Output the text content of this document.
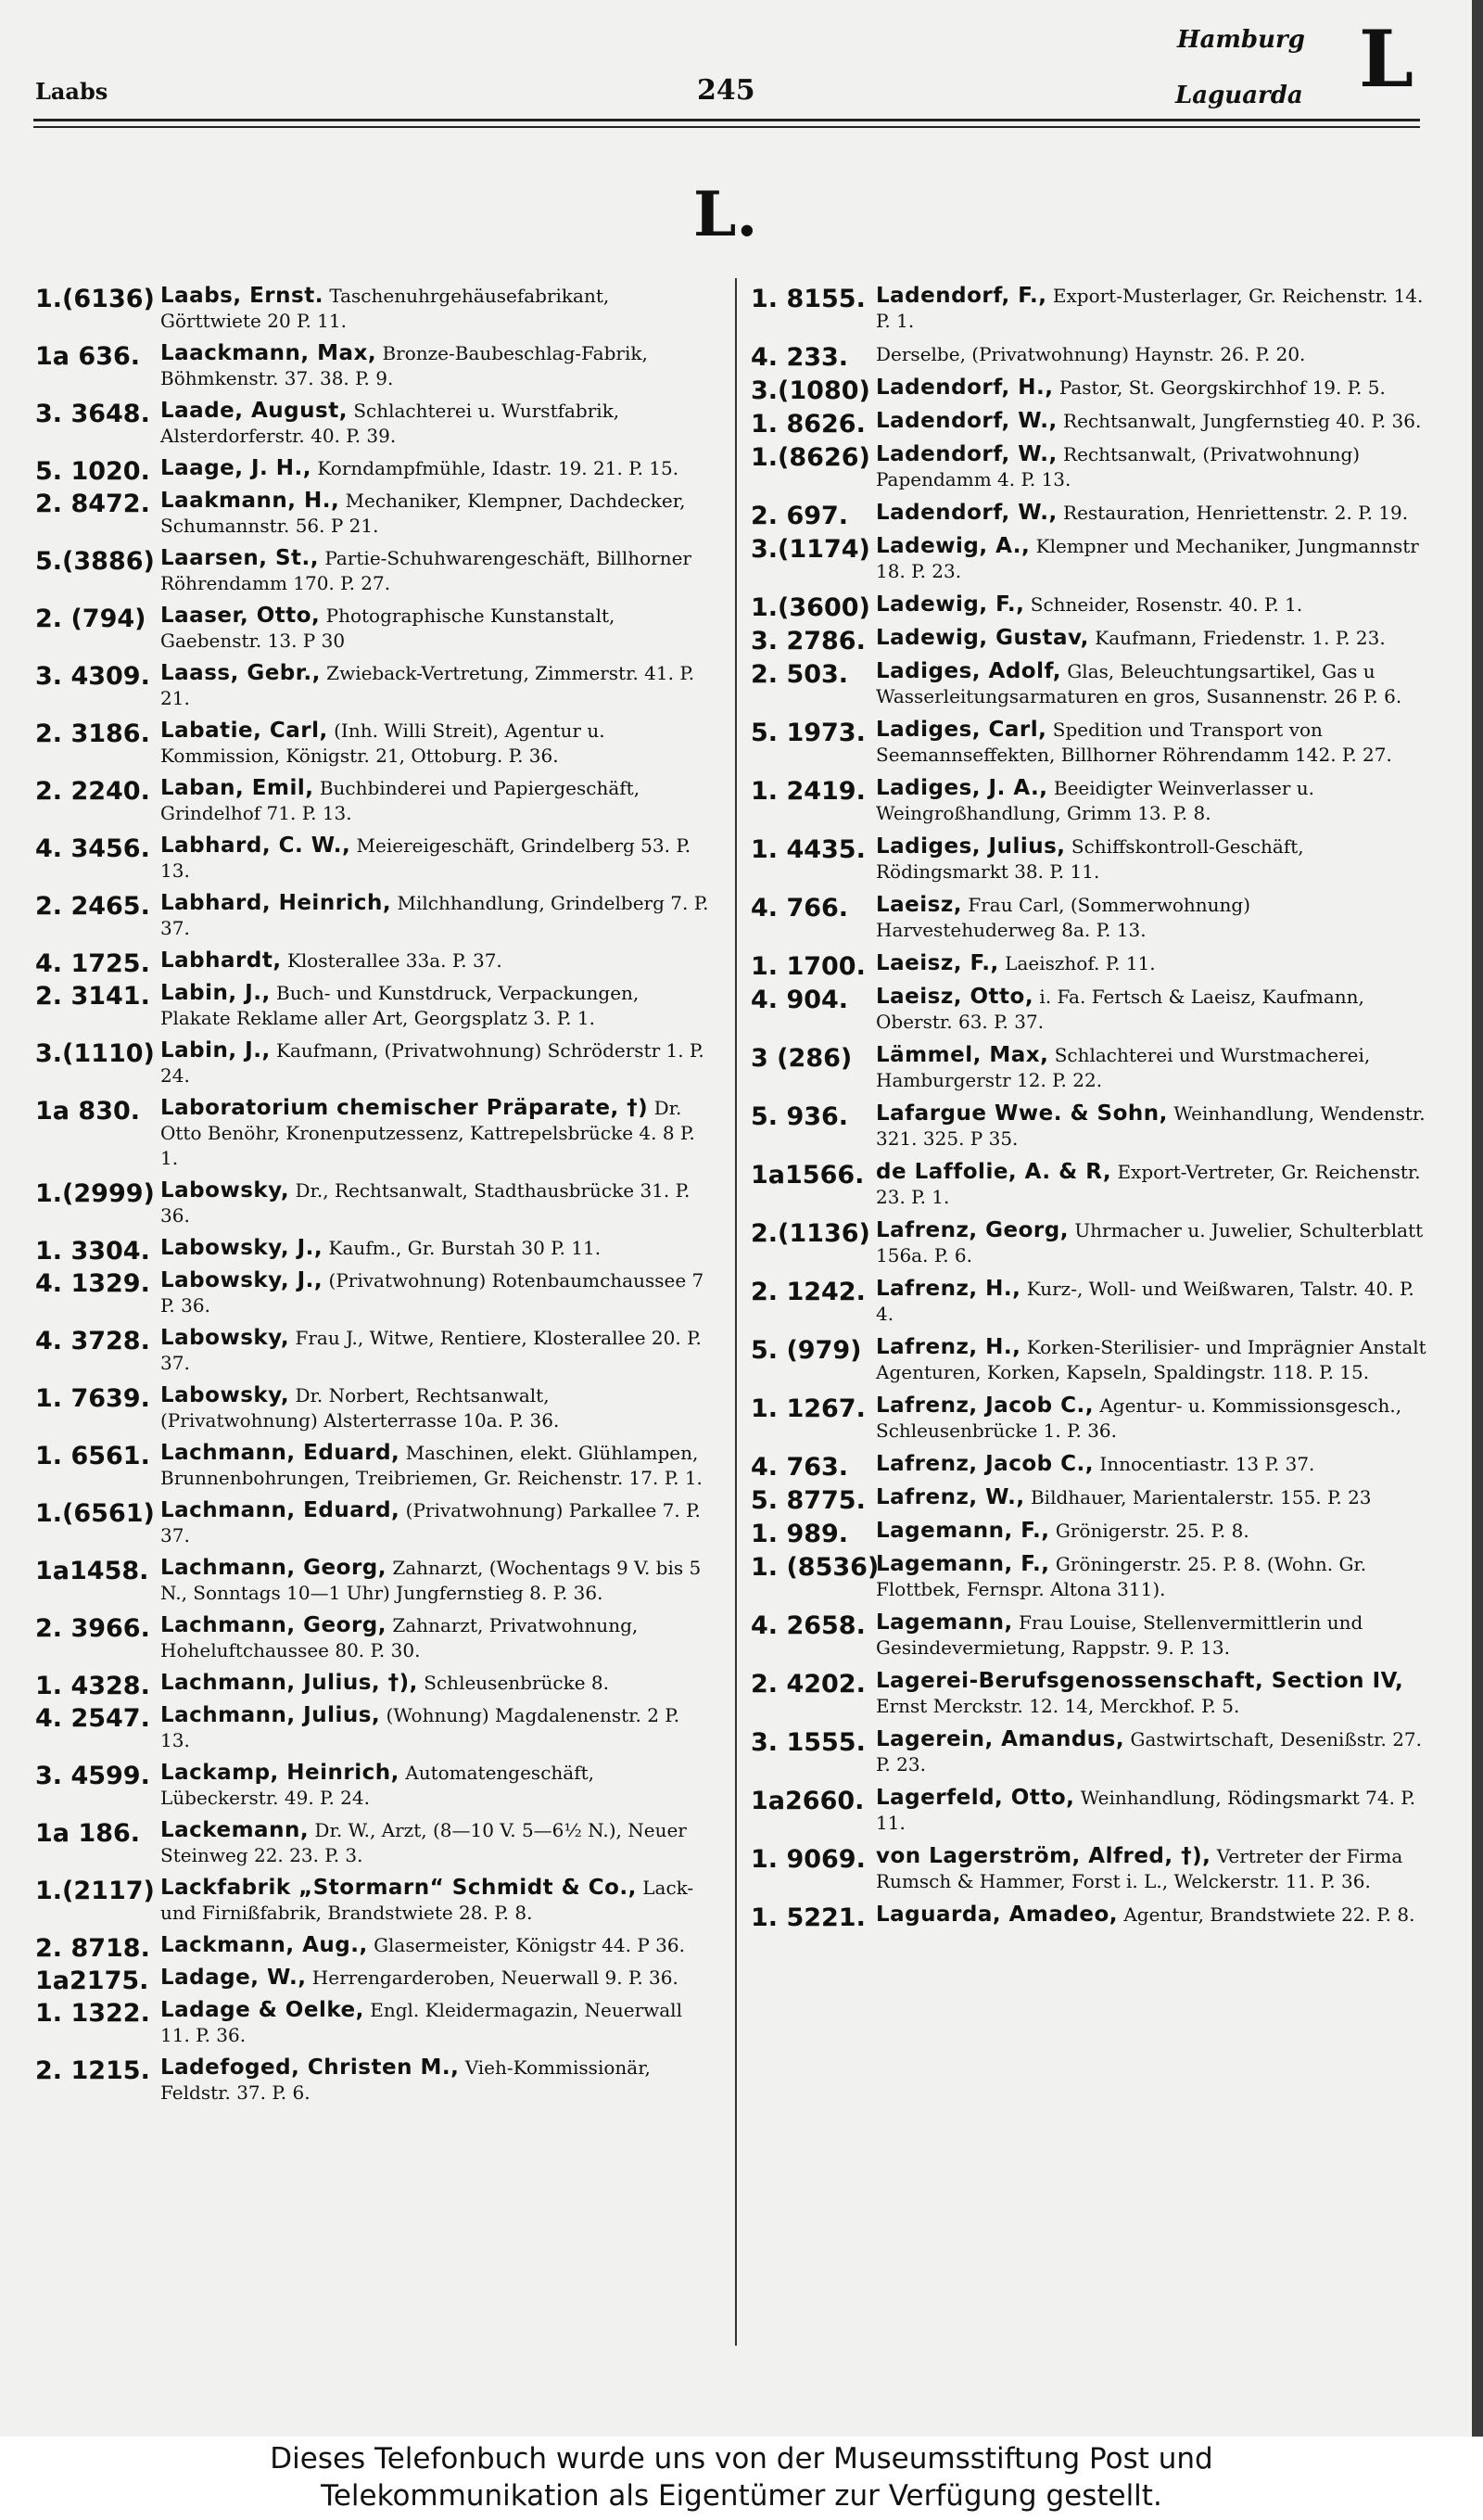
Laabs	245
Hamburg
Laguarda L
L.
1.(6136) Laabs, Ernst. Taschenuhrgehäusefabrikant, Görttwiete 20 P. 11.
1a 636. Laackmann, Max, Bronze-Baubeschlag-Fabrik, Böhmkenstr. 37. 38. P. 9.
3. 3648. Laade, August, Schlachterei u. Wurstfabrik, Alsterdorferstr. 40. P. 39.
5. 1020. Laage, J. H., Korndampfmühle, Idastr. 19. 21. P. 15.
2. 8472. Laakmann, H., Mechaniker, Klempner, Dachdecker, Schumannstr. 56. P 21.
5.(3886) Laarsen, St., Partie-Schuhwarengeschäft, Billhorner Röhrendamm 170. P. 27.
2. (794) Laaser, Otto, Photographische Kunstanstalt, Gaebenstr. 13. P 30
3. 4309. Laass, Gebr., Zwieback-Vertretung, Zimmerstr. 41. P. 21.
2. 3186. Labatie, Carl, (Inh. Willi Streit), Agentur u. Kommission, Königstr. 21, Ottoburg. P. 36.
2. 2240. Laban, Emil, Buchbinderei und Papiergeschäft, Grindelhof 71. P. 13.
4. 3456. Labhard, C. W., Meiereigeschäft, Grindelberg 53. P. 13.
2. 2465. Labhard, Heinrich, Milchhandlung, Grindelberg 7. P. 37.
4. 1725. Labhardt, Klosterallee 33a. P. 37.
2. 3141. Labin, J., Buch- und Kunstdruck, Verpackungen, Plakate Reklame aller Art, Georgsplatz 3. P. 1.
3.(1110) Labin, J., Kaufmann, (Privatwohnung) Schröderstr 1. P. 24.
1a 830. Laboratorium chemischer Präparate, †) Dr. Otto Benöhr, Kronenputzessenz, Kattrepelsbrücke 4. 8 P. 1.
1.(2999) Labowsky, Dr., Rechtsanwalt, Stadthausbrücke 31. P. 36.
1. 3304. Labowsky, J., Kaufm., Gr. Burstah 30 P. 11.
4. 1329. Labowsky, J., (Privatwohnung) Rotenbaumchaussee 7 P. 36.
4. 3728. Labowsky, Frau J., Witwe, Rentiere, Klosterallee 20. P. 37.
1. 7639. Labowsky, Dr. Norbert, Rechtsanwalt, (Privatwohnung) Alsterterrasse 10a. P. 36.
1. 6561. Lachmann, Eduard, Maschinen, elekt. Glühlampen, Brunnenbohrungen, Treibriemen, Gr. Reichenstr. 17. P. 1.
1.(6561) Lachmann, Eduard, (Privatwohnung) Parkallee 7. P. 37.
1a1458. Lachmann, Georg, Zahnarzt, (Wochentags 9 V. bis 5 N., Sonntags 10—1 Uhr) Jungfernstieg 8. P. 36.
2. 3966. Lachmann, Georg, Zahnarzt, Privatwohnung, Hoheluftchaussee 80. P. 30.
1. 4328. Lachmann, Julius, †), Schleusenbrücke 8.
4. 2547. Lachmann, Julius, (Wohnung) Magdalenenstr. 2 P. 13.
3. 4599. Lackamp, Heinrich, Automatengeschäft, Lübeckerstr. 49. P. 24.
1a 186. Lackemann, Dr. W., Arzt, (8—10 V. 5—6½ N.), Neuer Steinweg 22. 23. P. 3.
1.(2117) Lackfabrik „Stormarn“ Schmidt & Co., Lack- und Firnißfabrik, Brandstwiete 28. P. 8.
2. 8718. Lackmann, Aug., Glasermeister, Königstr 44. P 36.
1a2175. Ladage, W., Herrengarderoben, Neuerwall 9. P. 36.
1. 1322. Ladage & Oelke, Engl. Kleidermagazin, Neuerwall 11. P. 36.
2. 1215. Ladefoged, Christen M., Vieh-Kommissionär, Feldstr. 37. P. 6.
1. 8155. Ladendorf, F., Export-Musterlager, Gr. Reichenstr. 14. P. 1.
4. 233.	Derselbe, (Privatwohnung) Haynstr. 26. P. 20.
3.(1080) Ladendorf, H., Pastor, St. Georgskirchhof 19. P. 5.
1. 8626. Ladendorf, W., Rechtsanwalt, Jungfernstieg 40. P. 36.
1.(8626) Ladendorf, W., Rechtsanwalt, (Privatwohnung) Papendamm 4. P. 13.
2. 697.	Ladendorf, W., Restauration, Henriettenstr. 2. P. 19.
3.(1174) Ladewig, A., Klempner und Mechaniker, Jungmannstr 18. P. 23.
1.(3600) Ladewig, F., Schneider, Rosenstr. 40. P. 1.
3. 2786. Ladewig, Gustav, Kaufmann, Friedenstr. 1. P. 23.
2. 503.	Ladiges, Adolf, Glas, Beleuchtungsartikel, Gas u Wasserleitungsarmaturen en gros, Susannenstr. 26 P. 6.
5. 1973. Ladiges, Carl, Spedition und Transport von Seemannseffekten, Billhorner Röhrendamm 142. P. 27.
1. 2419. Ladiges, J. A., Beeidigter Weinverlasser u. Weingroßhandlung, Grimm 13. P. 8.
1. 4435. Ladiges, Julius, Schiffskontroll-Geschäft, Rödingsmarkt 38. P. 11.
4. 766.	Laeisz, Frau Carl, (Sommerwohnung) Harvestehuderweg 8a. P. 13.
1. 1700. Laeisz, F., Laeiszhof. P. 11.
4. 904.	Laeisz, Otto, i. Fa. Fertsch & Laeisz, Kaufmann, Oberstr. 63. P. 37.
3 (286)	Lämmel, Max, Schlachterei und Wurstmacherei, Hamburgerstr 12. P. 22.
5. 936.	Lafargue Wwe. & Sohn, Weinhandlung, Wendenstr. 321. 325. P 35.
1a1566. de Laffolie, A. & R, Export-Vertreter, Gr. Reichenstr. 23. P. 1.
2.(1136) Lafrenz, Georg, Uhrmacher u. Juwelier, Schulterblatt 156a. P. 6.
2. 1242. Lafrenz, H., Kurz-, Woll- und Weißwaren, Talstr. 40. P. 4.
5. (979) Lafrenz, H., Korken-Sterilisier- und Imprägnier Anstalt Agenturen, Korken, Kapseln, Spaldingstr. 118. P. 15.
1. 1267. Lafrenz, Jacob C., Agentur- u. Kommissionsgesch., Schleusenbrücke 1. P. 36.
4. 763.	Lafrenz, Jacob C., Innocentiastr. 13 P. 37.
5. 8775. Lafrenz, W., Bildhauer, Marientalerstr. 155. P. 23
1. 989.	Lagemann, F., Grönigerstr. 25. P. 8.
1. (8536)
Lagemann, F., Gröningerstr. 25. P. 8. (Wohn. Gr. Flottbek, Fernspr. Altona 311).
4. 2658. Lagemann, Frau Louise, Stellenvermittlerin und Gesindevermietung, Rappstr. 9. P. 13.
2. 4202. Lagerei-Berufsgenossenschaft, Section IV, Ernst Merckstr. 12. 14, Merckhof. P. 5.
3. 1555. Lagerein, Amandus, Gastwirtschaft, Desenißstr. 27. P. 23.
1a2660. Lagerfeld, Otto, Weinhandlung, Rödingsmarkt 74. P. 11.
1. 9069. von Lagerström, Alfred, †), Vertreter der Firma Rumsch & Hammer, Forst i. L., Welckerstr. 11. P. 36.
1. 5221. Laguarda, Amadeo, Agentur, Brandstwiete 22. P. 8.
Dieses Telefonbuch wurde uns von der Museumsstiftung Post und
Telekommunikation als Eigentümer zur Verfügung gestellt.
